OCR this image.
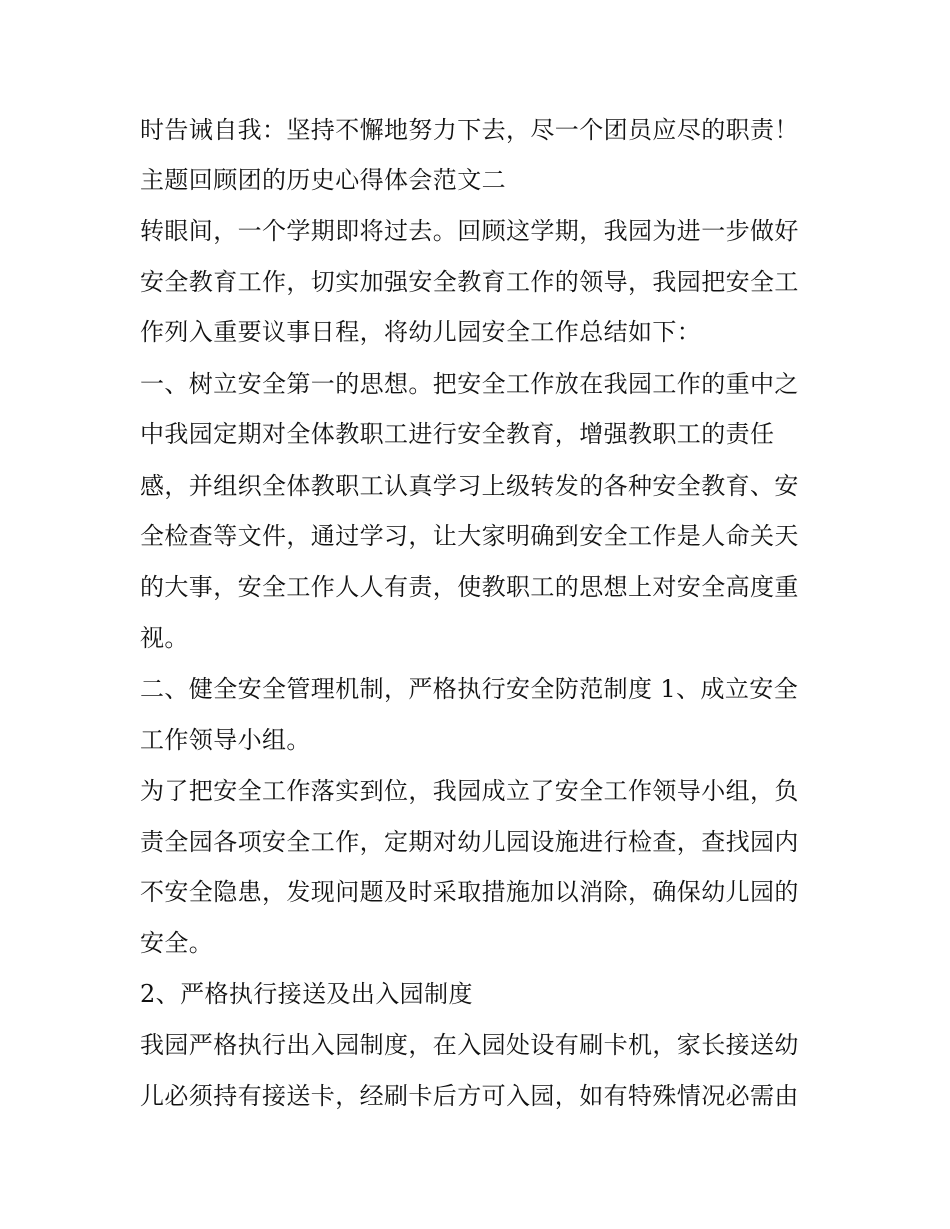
时告诫自我：坚持不懈地努力下去，尽一个团员应尽的职责！
主题回顾团的历史心得体会范文二
转眼间，一个学期即将过去。回顾这学期，我园为进一步做好
安全教育工作，切实加强安全教育工作的领导，我园把安全工
作列入重要议事日程，将幼儿园安全工作总结如下：
一、树立安全第一的思想。把安全工作放在我园工作的重中之
中我园定期对全体教职工进行安全教育，增强教职工的责任
感，并组织全体教职工认真学习上级转发的各种安全教育、安
全检查等文件，通过学习，让大家明确到安全工作是人命关天
的大事，安全工作人人有责，使教职工的思想上对安全高度重
视。
二、健全安全管理机制，严格执行安全防范制度 1、成立安全
工作领导小组。
为了把安全工作落实到位，我园成立了安全工作领导小组，负
责全园各项安全工作，定期对幼儿园设施进行检查，查找园内
不安全隐患，发现问题及时采取措施加以消除，确保幼儿园的
安全。
2、严格执行接送及出入园制度
我园严格执行出入园制度，在入园处设有刷卡机，家长接送幼
儿必须持有接送卡，经刷卡后方可入园，如有特殊情况必需由
